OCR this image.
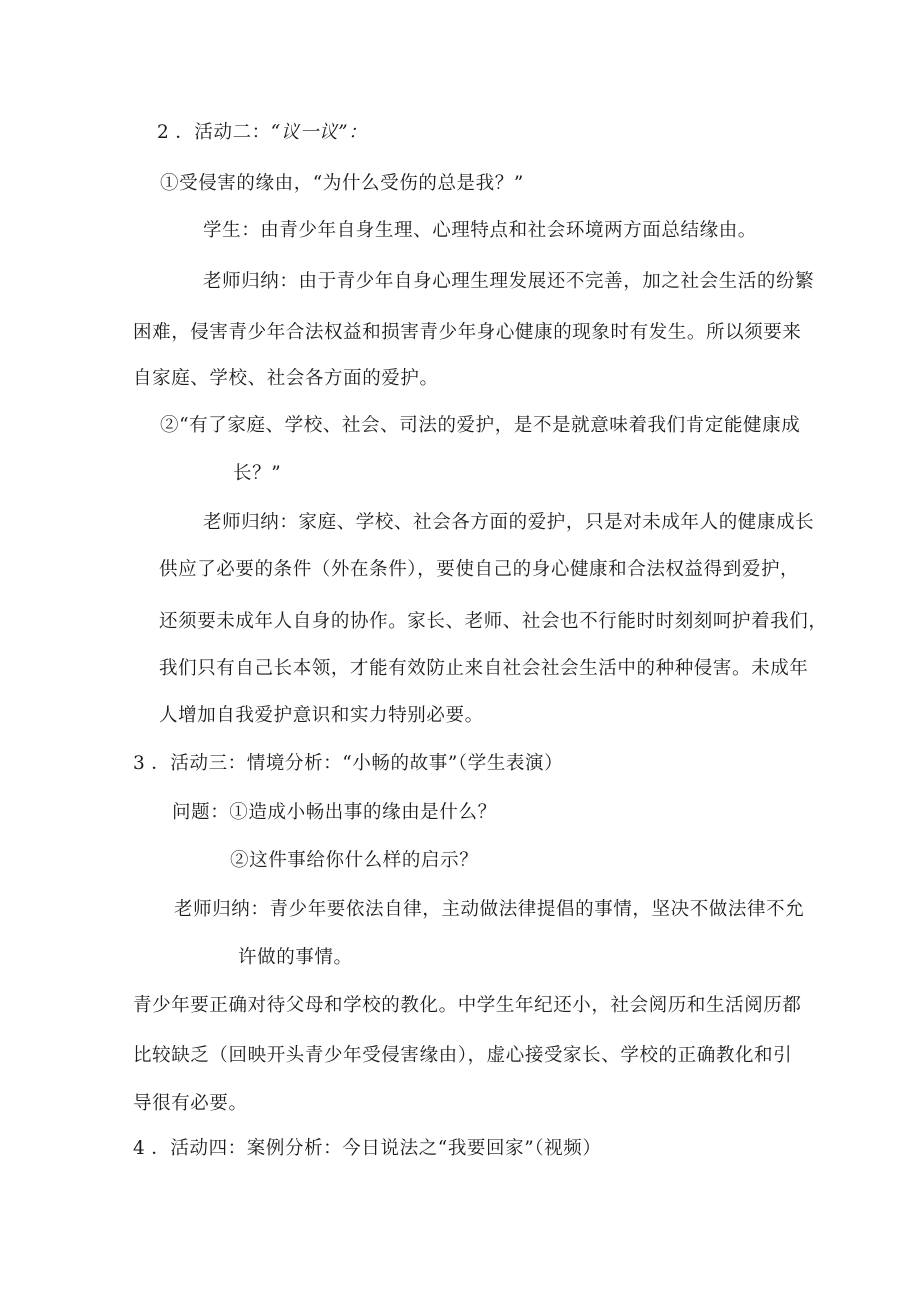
2 ．活动二：“议一议”：
①受侵害的缘由，“为什么受伤的总是我？”
学生：由青少年自身生理、心理特点和社会环境两方面总结缘由。
老师归纳：由于青少年自身心理生理发展还不完善，加之社会生活的纷繁
困难，侵害青少年合法权益和损害青少年身心健康的现象时有发生。所以须要来
自家庭、学校、社会各方面的爱护。
②“有了家庭、学校、社会、司法的爱护，是不是就意味着我们肯定能健康成
长？”
老师归纳：家庭、学校、社会各方面的爱护，只是对未成年人的健康成长
供应了必要的条件（外在条件），要使自己的身心健康和合法权益得到爱护，
还须要未成年人自身的协作。家长、老师、社会也不行能时时刻刻呵护着我们，
我们只有自己长本领，才能有效防止来自社会社会生活中的种种侵害。未成年
人增加自我爱护意识和实力特别必要。
3 ．活动三：情境分析：“小畅的故事”（学生表演）
问题：①造成小畅出事的缘由是什么？
②这件事给你什么样的启示？
老师归纳：青少年要依法自律，主动做法律提倡的事情，坚决不做法律不允
许做的事情。
青少年要正确对待父母和学校的教化。中学生年纪还小，社会阅历和生活阅历都
比较缺乏（回映开头青少年受侵害缘由），虚心接受家长、学校的正确教化和引
导很有必要。
4 ．活动四：案例分析：今日说法之“我要回家”（视频）
